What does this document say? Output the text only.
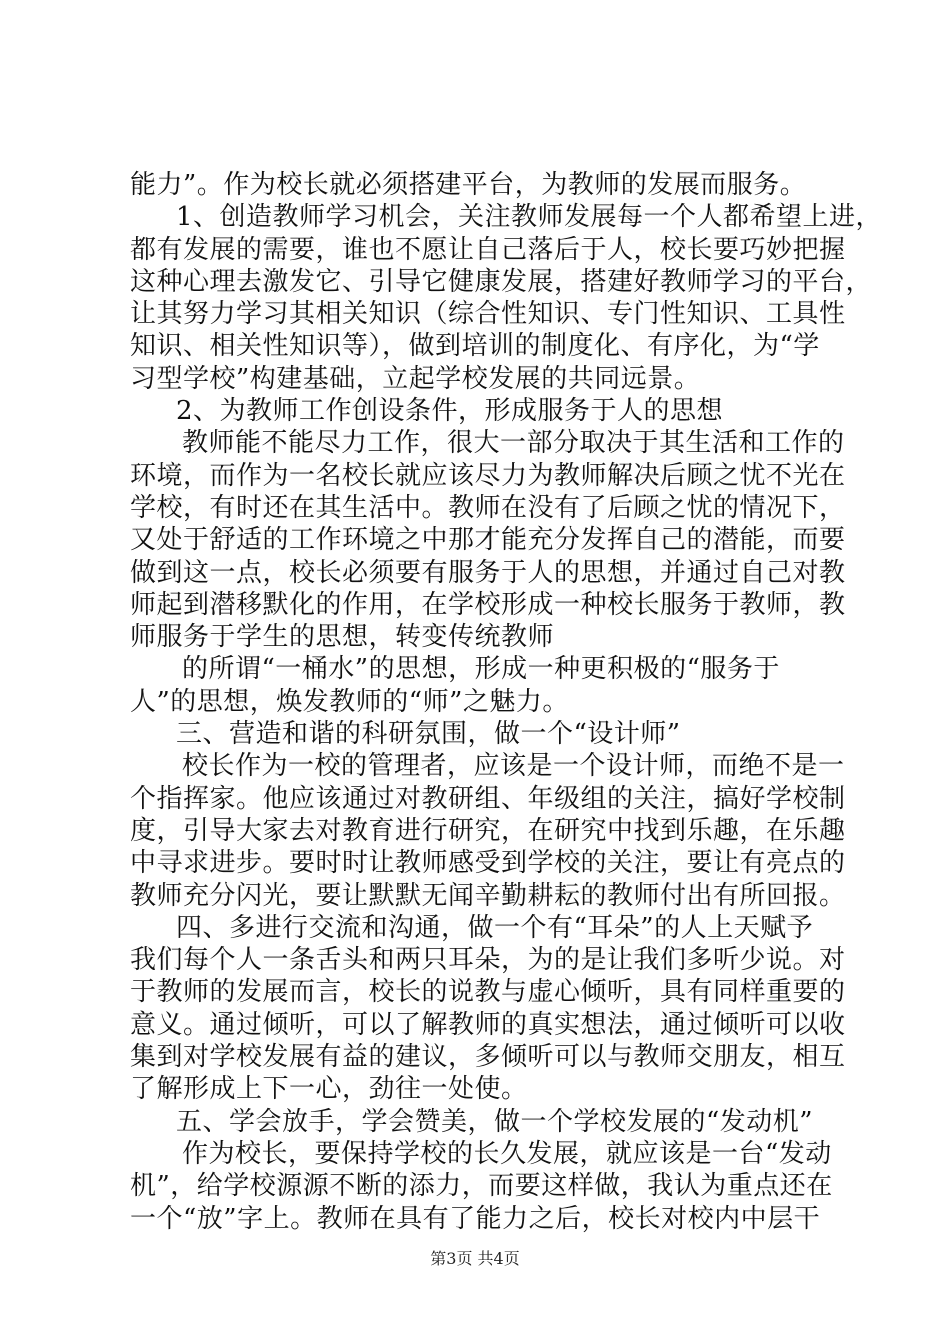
能力”。作为校长就必须搭建平台，为教师的发展而服务。
1、创造教师学习机会，关注教师发展每一个人都希望上进，
都有发展的需要，谁也不愿让自己落后于人，校长要巧妙把握
这种心理去激发它、引导它健康发展，搭建好教师学习的平台，
让其努力学习其相关知识（综合性知识、专门性知识、工具性
知识、相关性知识等），做到培训的制度化、有序化，为“学
习型学校”构建基础，立起学校发展的共同远景。
2、为教师工作创设条件，形成服务于人的思想
教师能不能尽力工作，很大一部分取决于其生活和工作的
环境，而作为一名校长就应该尽力为教师解决后顾之忧不光在
学校，有时还在其生活中。教师在没有了后顾之忧的情况下，
又处于舒适的工作环境之中那才能充分发挥自己的潜能，而要
做到这一点，校长必须要有服务于人的思想，并通过自己对教
师起到潜移默化的作用，在学校形成一种校长服务于教师，教
师服务于学生的思想，转变传统教师
的所谓“一桶水”的思想，形成一种更积极的“服务于
人”的思想，焕发教师的“师”之魅力。
三、营造和谐的科研氛围，做一个“设计师”
校长作为一校的管理者，应该是一个设计师，而绝不是一
个指挥家。他应该通过对教研组、年级组的关注，搞好学校制
度，引导大家去对教育进行研究，在研究中找到乐趣，在乐趣
中寻求进步。要时时让教师感受到学校的关注，要让有亮点的
教师充分闪光，要让默默无闻辛勤耕耘的教师付出有所回报。
四、多进行交流和沟通，做一个有“耳朵”的人上天赋予
我们每个人一条舌头和两只耳朵，为的是让我们多听少说。对
于教师的发展而言，校长的说教与虚心倾听，具有同样重要的
意义。通过倾听，可以了解教师的真实想法，通过倾听可以收
集到对学校发展有益的建议，多倾听可以与教师交朋友，相互
了解形成上下一心，劲往一处使。
五、学会放手，学会赞美，做一个学校发展的“发动机”
作为校长，要保持学校的长久发展，就应该是一台“发动
机”，给学校源源不断的添力，而要这样做，我认为重点还在
一个“放”字上。教师在具有了能力之后，校长对校内中层干
第3页 共4页
